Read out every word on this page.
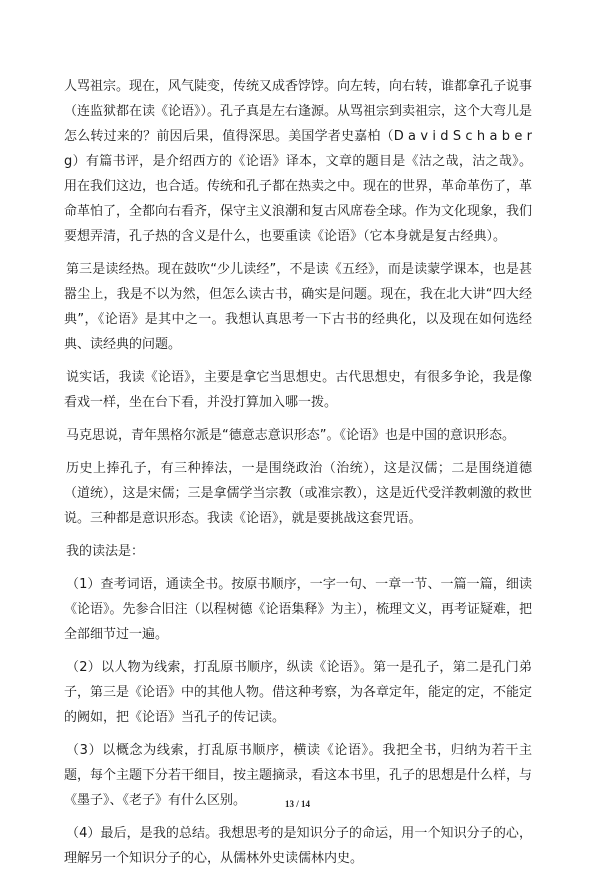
人骂祖宗。现在，风气陡变，传统又成香饽饽。向左转，向右转，谁都拿孔子说事（连监狱都在读《论语》）。孔子真是左右逢源。从骂祖宗到卖祖宗，这个大弯儿是怎么转过来的？前因后果，值得深思。美国学者史嘉柏（D a v i d S c h a b e r g）有篇书评，是介绍西方的《论语》译本，文章的题目是《沽之哉，沽之哉》。用在我们这边，也合适。传统和孔子都在热卖之中。现在的世界，革命革伤了，革命革怕了，全都向右看齐，保守主义浪潮和复古风席卷全球。作为文化现象，我们要想弄清，孔子热的含义是什么，也要重读《论语》（它本身就是复古经典）。

第三是读经热。现在鼓吹“少儿读经”，不是读《五经》，而是读蒙学课本，也是甚嚣尘上，我是不以为然，但怎么读古书，确实是问题。现在，我在北大讲“四大经典”，《论语》是其中之一。我想认真思考一下古书的经典化，以及现在如何选经典、读经典的问题。

说实话，我读《论语》，主要是拿它当思想史。古代思想史，有很多争论，我是像看戏一样，坐在台下看，并没打算加入哪一拨。

马克思说，青年黑格尔派是“德意志意识形态”。《论语》也是中国的意识形态。

历史上捧孔子，有三种捧法，一是围绕政治（治统），这是汉儒；二是围绕道德（道统），这是宋儒；三是拿儒学当宗教（或准宗教），这是近代受洋教刺激的救世说。三种都是意识形态。我读《论语》，就是要挑战这套咒语。

我的读法是：

（1）查考词语，通读全书。按原书顺序，一字一句、一章一节、一篇一篇，细读《论语》。先参合旧注（以程树德《论语集释》为主），梳理文义，再考证疑难，把全部细节过一遍。

（2）以人物为线索，打乱原书顺序，纵读《论语》。第一是孔子，第二是孔门弟子，第三是《论语》中的其他人物。借这种考察，为各章定年，能定的定，不能定的阙如，把《论语》当孔子的传记读。

（3）以概念为线索，打乱原书顺序，横读《论语》。我把全书，归纳为若干主题，每个主题下分若干细目，按主题摘录，看这本书里，孔子的思想是什么样，与《墨子》、《老子》有什么区别。

（4）最后，是我的总结。我想思考的是知识分子的命运，用一个知识分子的心，理解另一个知识分子的心，从儒林外史读儒林内史。

13 / 14
